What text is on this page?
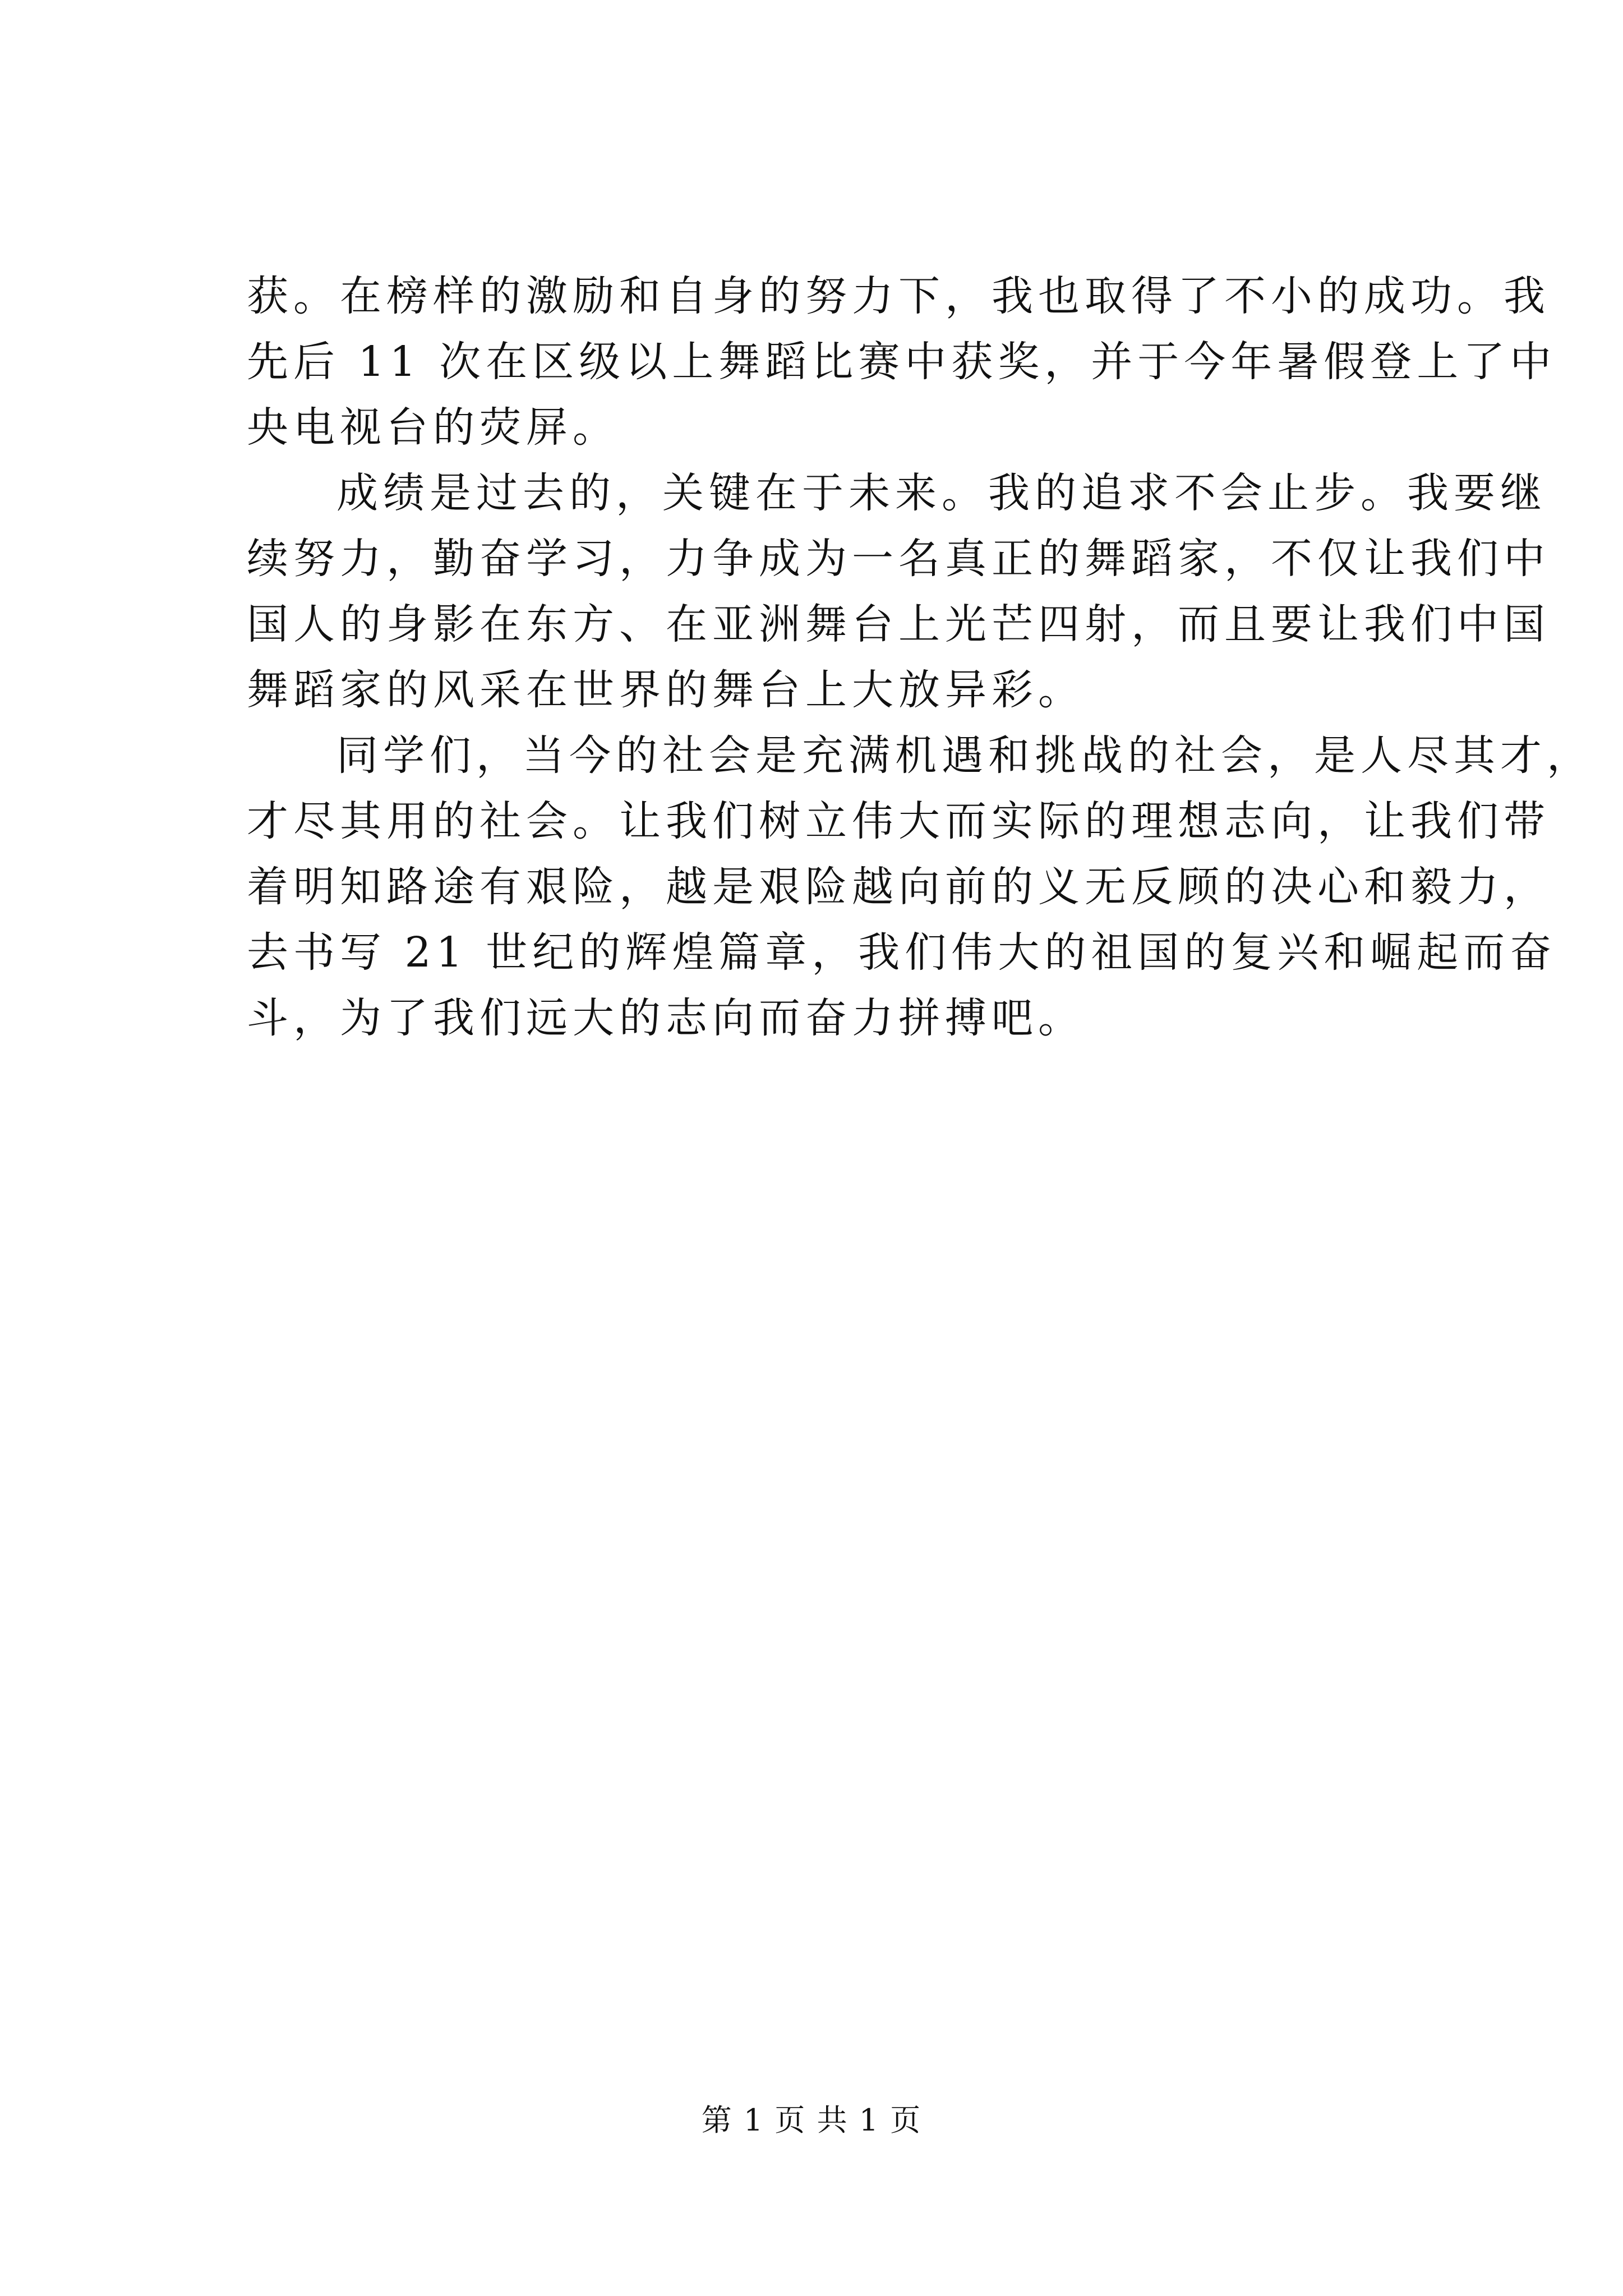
获。在榜样的激励和自身的努力下，我也取得了不小的成功。我
先后 11 次在区级以上舞蹈比赛中获奖，并于今年暑假登上了中
央电视台的荧屏。
成绩是过去的，关键在于未来。我的追求不会止步。我要继
续努力，勤奋学习，力争成为一名真正的舞蹈家，不仅让我们中
国人的身影在东方、在亚洲舞台上光芒四射，而且要让我们中国
舞蹈家的风采在世界的舞台上大放异彩。
同学们，当今的社会是充满机遇和挑战的社会，是人尽其才，
才尽其用的社会。让我们树立伟大而实际的理想志向，让我们带
着明知路途有艰险，越是艰险越向前的义无反顾的决心和毅力，
去书写 21 世纪的辉煌篇章，我们伟大的祖国的复兴和崛起而奋
斗，为了我们远大的志向而奋力拼搏吧。
第 1 页 共 1 页
